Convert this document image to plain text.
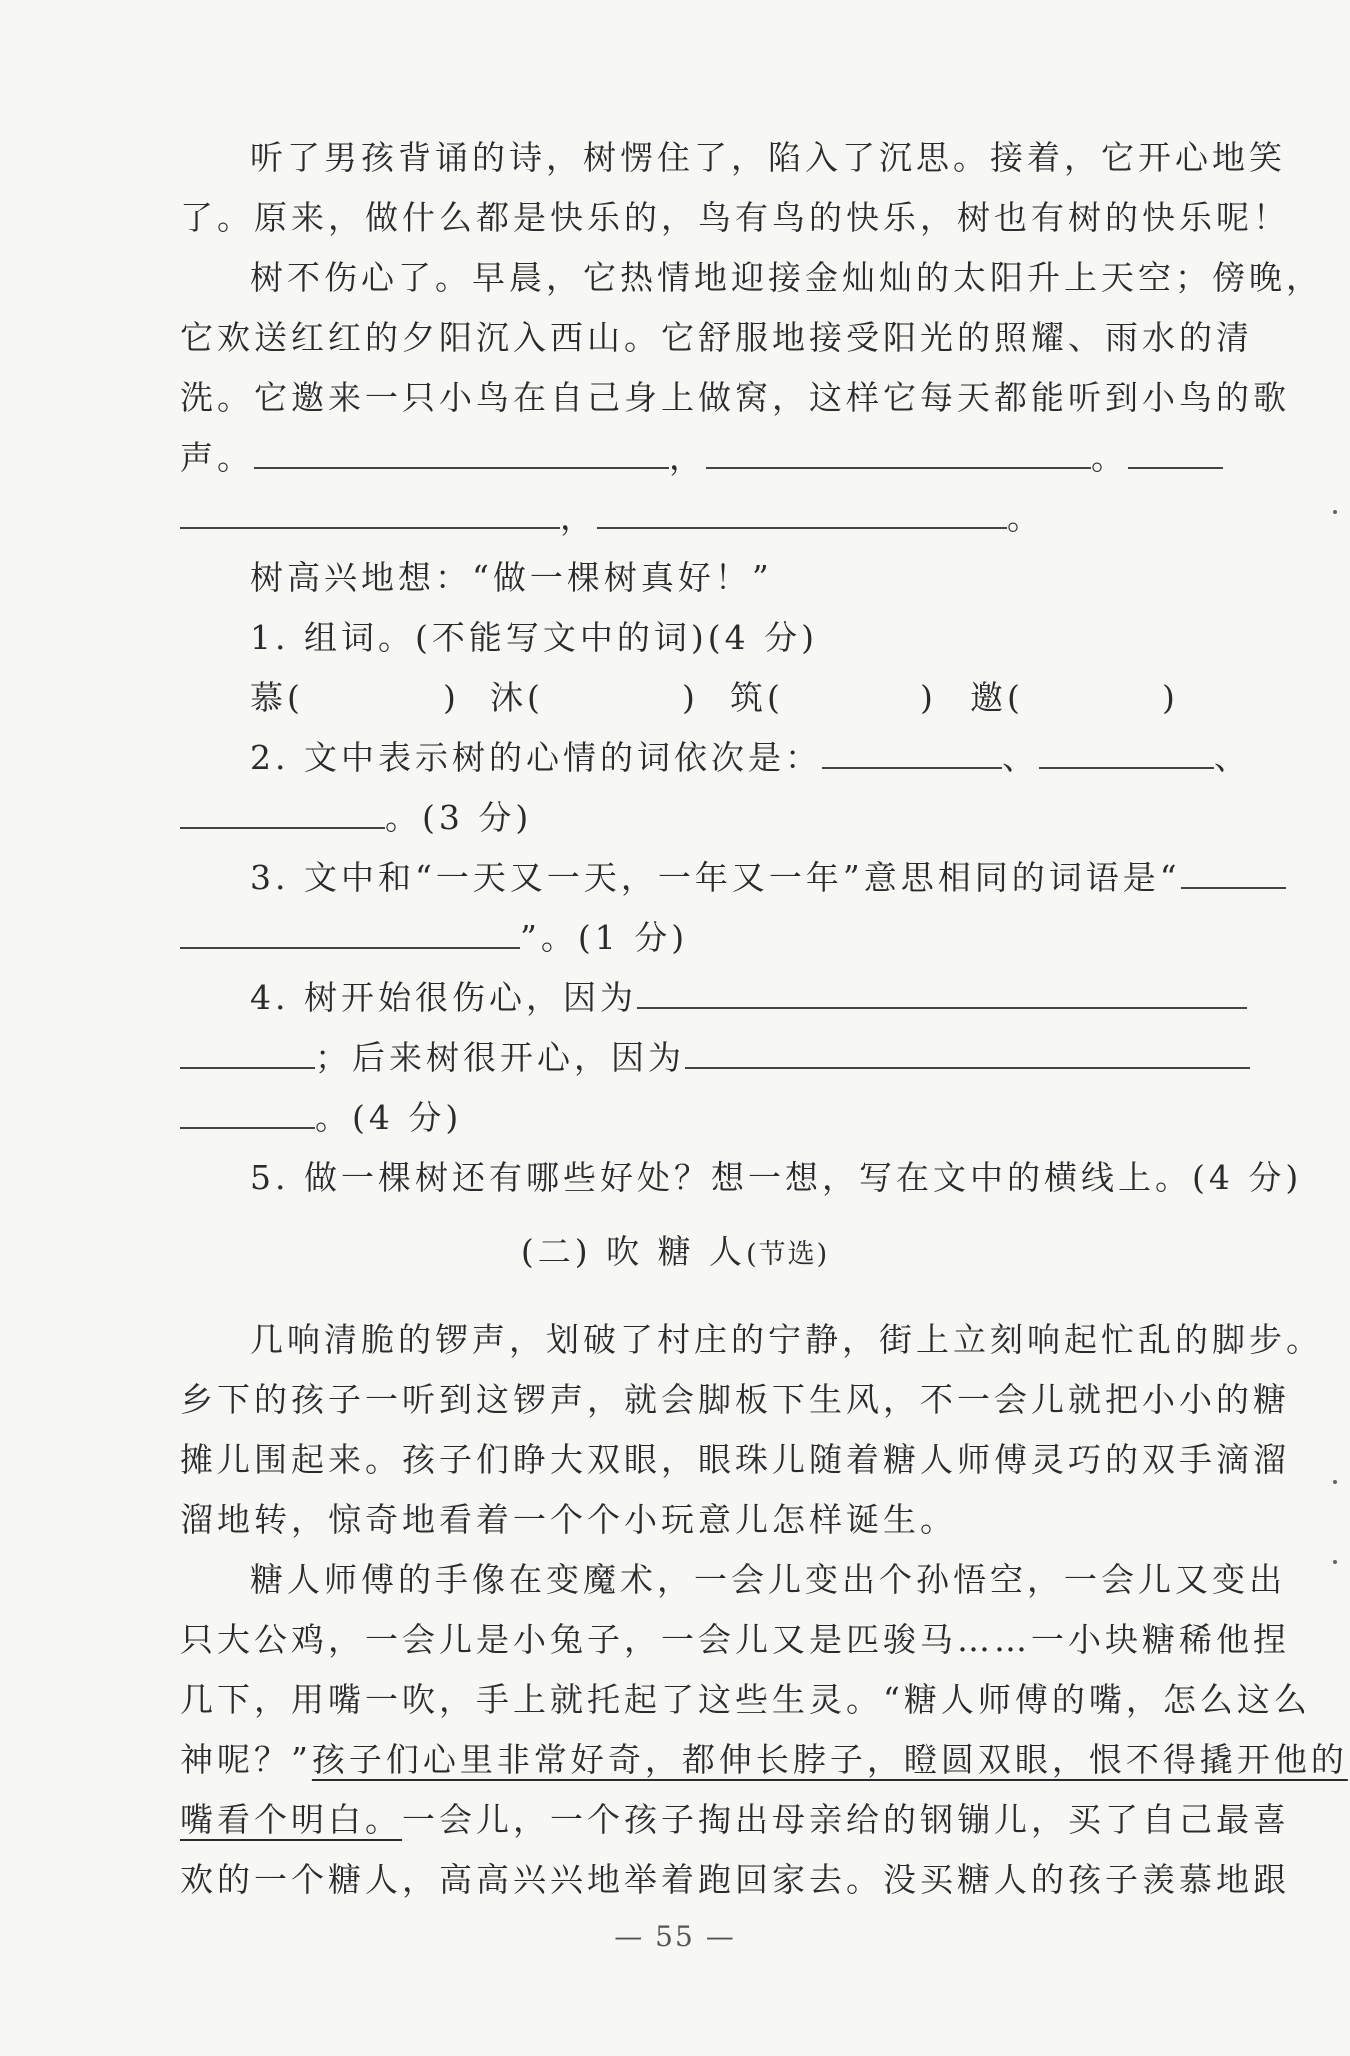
听了男孩背诵的诗，树愣住了，陷入了沉思。接着，它开心地笑
了。原来，做什么都是快乐的，鸟有鸟的快乐，树也有树的快乐呢！
树不伤心了。早晨，它热情地迎接金灿灿的太阳升上天空；傍晚，
它欢送红红的夕阳沉入西山。它舒服地接受阳光的照耀、雨水的清
洗。它邀来一只小鸟在自己身上做窝，这样它每天都能听到小鸟的歌
声。	，	。
，	。
树高兴地想：“做一棵树真好！”
1. 组词。(不能写文中的词)(4 分)
慕(	) 沐(	) 筑(	) 邀(	)
2. 文中表示树的心情的词依次是：	、	、
。(3 分)
3. 文中和“一天又一天，一年又一年”意思相同的词语是“
”。(1 分)
4. 树开始很伤心，因为
；后来树很开心，因为
。(4 分)
5. 做一棵树还有哪些好处？想一想，写在文中的横线上。(4 分)
(二) 吹 糖 人(节选)
几响清脆的锣声，划破了村庄的宁静，街上立刻响起忙乱的脚步。
乡下的孩子一听到这锣声，就会脚板下生风，不一会儿就把小小的糖
摊儿围起来。孩子们睁大双眼，眼珠儿随着糖人师傅灵巧的双手滴溜
溜地转，惊奇地看着一个个小玩意儿怎样诞生。
糖人师傅的手像在变魔术，一会儿变出个孙悟空，一会儿又变出
只大公鸡，一会儿是小兔子，一会儿又是匹骏马……一小块糖稀他捏
几下，用嘴一吹，手上就托起了这些生灵。“糖人师傅的嘴，怎么这么
神呢？”孩子们心里非常好奇，都伸长脖子，瞪圆双眼，恨不得撬开他的
嘴看个明白。一会儿，一个孩子掏出母亲给的钢镚儿，买了自己最喜
欢的一个糖人，高高兴兴地举着跑回家去。没买糖人的孩子羡慕地跟
— 55 —
